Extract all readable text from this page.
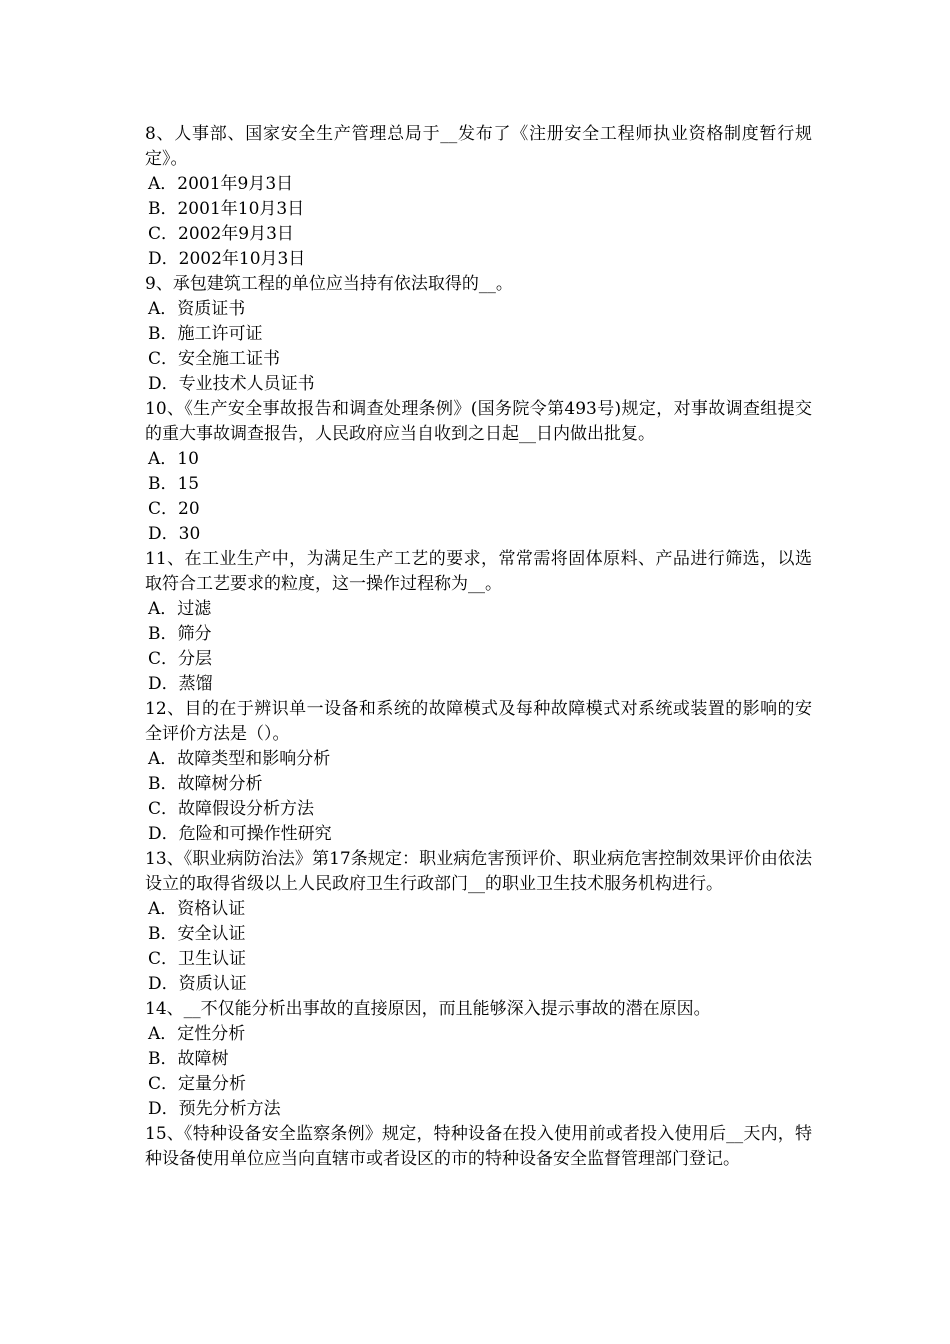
8、人事部、国家安全生产管理总局于__发布了《注册安全工程师执业资格制度暂行规定》。

A．2001年9月3日

B．2001年10月3日

C．2002年9月3日

D．2002年10月3日

9、承包建筑工程的单位应当持有依法取得的__。

A．资质证书

B．施工许可证

C．安全施工证书

D．专业技术人员证书

10、《生产安全事故报告和调查处理条例》(国务院令第493号)规定，对事故调查组提交的重大事故调查报告，人民政府应当自收到之日起__日内做出批复。

A．10

B．15

C．20

D．30

11、在工业生产中，为满足生产工艺的要求，常常需将固体原料、产品进行筛选，以选取符合工艺要求的粒度，这一操作过程称为__。

A．过滤

B．筛分

C．分层

D．蒸馏

12、目的在于辨识单一设备和系统的故障模式及每种故障模式对系统或装置的影响的安全评价方法是（）。

A．故障类型和影响分析

B．故障树分析

C．故障假设分析方法

D．危险和可操作性研究

13、《职业病防治法》第17条规定：职业病危害预评价、职业病危害控制效果评价由依法设立的取得省级以上人民政府卫生行政部门__的职业卫生技术服务机构进行。

A．资格认证

B．安全认证

C．卫生认证

D．资质认证

14、__不仅能分析出事故的直接原因，而且能够深入提示事故的潜在原因。

A．定性分析

B．故障树

C．定量分析

D．预先分析方法

15、《特种设备安全监察条例》规定，特种设备在投入使用前或者投入使用后__天内，特种设备使用单位应当向直辖市或者设区的市的特种设备安全监督管理部门登记。
